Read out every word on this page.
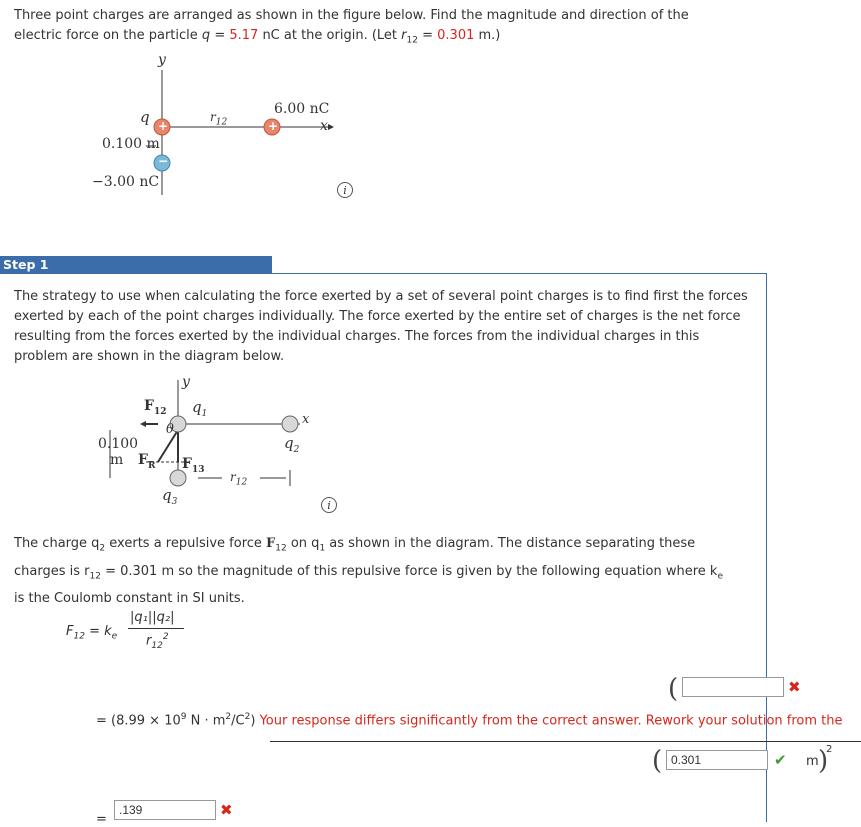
Three point charges are arranged as shown in the figure below. Find the magnitude and direction of the
electric force on the particle q = 5.17 nC at the origin. (Let $r_{12} = 0.301$ m.)
y
x
q	$r_{12}$
6.00 nC
0.100 m
−3.00 nC
+	+
−
i
Step 1
The strategy to use when calculating the force exerted by a set of several point charges is to find first the forces exerted by each of the point charges individually. The force exerted by the entire set of charges is the net force resulting from the forces exerted by the individual charges. The forces from the individual charges in this problem are shown in the diagram below.
y
x
$q_1$
$q_2$
$q_3$
$F_{12}$
$F_{13}$
$F_R$
θ
0.100
m
$r_{12}$
i
The charge $q_2$ exerts a repulsive force $F_{12}$ on $q_1$ as shown in the diagram. The distance separating these
charges is $r_{12} = 0.301$ m so the magnitude of this repulsive force is given by the following equation where $k_e$
is the Coulomb constant in SI units.
$F_{12} = k_e$
|q₁||q₂|
$r_{12}^2$
(	✖
= ($8.99 \times 10^9$ $N \cdot m^2/C^2$) Your response differs significantly from the correct answer. Rework your solution from the
(
0.301	✔ m )
2
=
.139
✖
